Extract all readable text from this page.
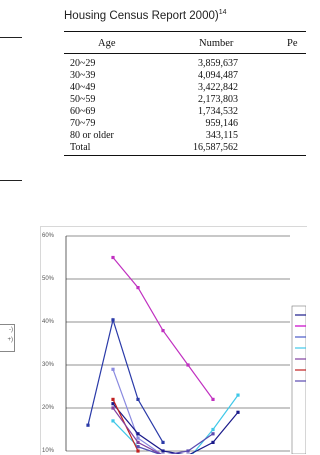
Housing Census Report 2000)$^{14}$
Age	Number	Pe
20~29	3,859,637
30~39	4,094,487
40~49	3,422,842
50~59	2,173,803
60~69	1,734,532
70~79	959,146
80 or older	343,115
Total	16,587,562
-)
+)
60%
50%
40%
30%
20%
10%
